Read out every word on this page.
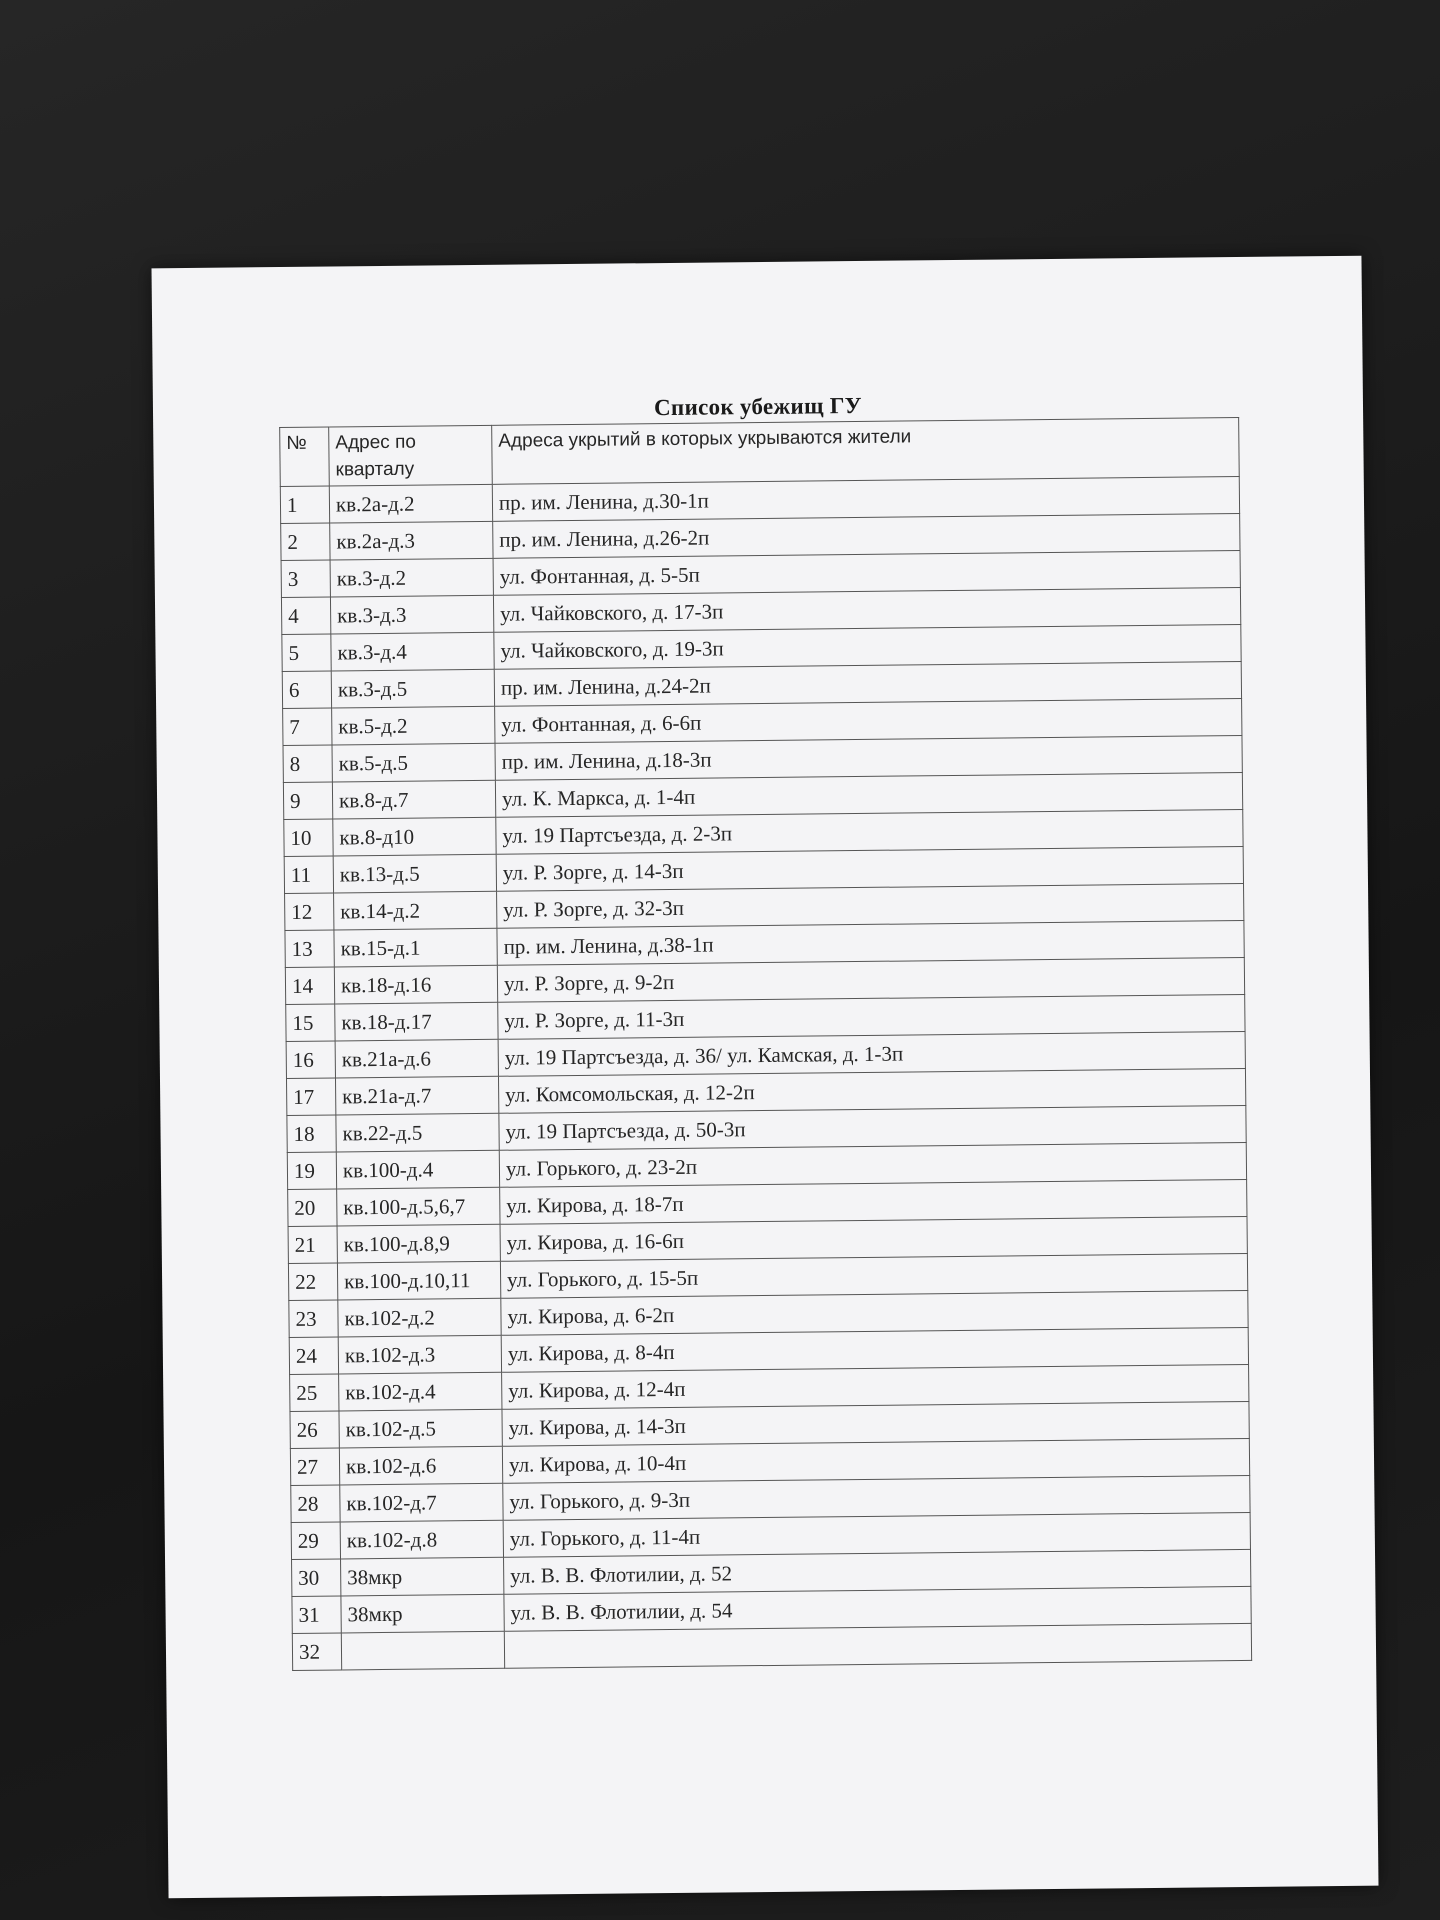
Список убежищ ГУ
№	Адрес по кварталу	Адреса укрытий в которых укрываются жители
1	кв.2а-д.2	пр. им. Ленина, д.30-1п
2	кв.2а-д.3	пр. им. Ленина, д.26-2п
3	кв.3-д.2	ул. Фонтанная, д. 5-5п
4	кв.3-д.3	ул. Чайковского, д. 17-3п
5	кв.3-д.4	ул. Чайковского, д. 19-3п
6	кв.3-д.5	пр. им. Ленина, д.24-2п
7	кв.5-д.2	ул. Фонтанная, д. 6-6п
8	кв.5-д.5	пр. им. Ленина, д.18-3п
9	кв.8-д.7	ул. К. Маркса, д. 1-4п
10	кв.8-д10	ул. 19 Партсъезда, д. 2-3п
11	кв.13-д.5	ул. Р. Зорге, д. 14-3п
12	кв.14-д.2	ул. Р. Зорге, д. 32-3п
13	кв.15-д.1	пр. им. Ленина, д.38-1п
14	кв.18-д.16	ул. Р. Зорге, д. 9-2п
15	кв.18-д.17	ул. Р. Зорге, д. 11-3п
16	кв.21а-д.6	ул. 19 Партсъезда, д. 36/ ул. Камская, д. 1-3п
17	кв.21а-д.7	ул. Комсомольская, д. 12-2п
18	кв.22-д.5	ул. 19 Партсъезда, д. 50-3п
19	кв.100-д.4	ул. Горького, д. 23-2п
20	кв.100-д.5,6,7	ул. Кирова, д. 18-7п
21	кв.100-д.8,9	ул. Кирова, д. 16-6п
22	кв.100-д.10,11	ул. Горького, д. 15-5п
23	кв.102-д.2	ул. Кирова, д. 6-2п
24	кв.102-д.3	ул. Кирова, д. 8-4п
25	кв.102-д.4	ул. Кирова, д. 12-4п
26	кв.102-д.5	ул. Кирова, д. 14-3п
27	кв.102-д.6	ул. Кирова, д. 10-4п
28	кв.102-д.7	ул. Горького, д. 9-3п
29	кв.102-д.8	ул. Горького, д. 11-4п
30	38мкр	ул. В. В. Флотилии, д. 52
31	38мкр	ул. В. В. Флотилии, д. 54
32		
